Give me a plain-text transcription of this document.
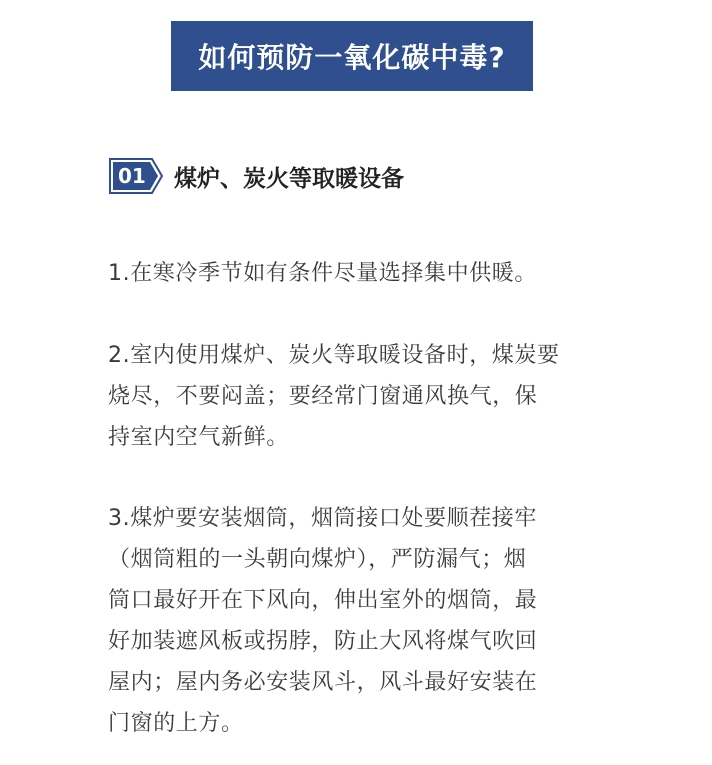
如何预防一氧化碳中毒?
01 煤炉、炭火等取暖设备
1.在寒冷季节如有条件尽量选择集中供暖。
2.室内使用煤炉、炭火等取暖设备时，煤炭要
烧尽，不要闷盖；要经常门窗通风换气，保
持室内空气新鲜。
3.煤炉要安装烟筒，烟筒接口处要顺茬接牢
（烟筒粗的一头朝向煤炉），严防漏气；烟
筒口最好开在下风向，伸出室外的烟筒，最
好加装遮风板或拐脖，防止大风将煤气吹回
屋内；屋内务必安装风斗，风斗最好安装在
门窗的上方。
